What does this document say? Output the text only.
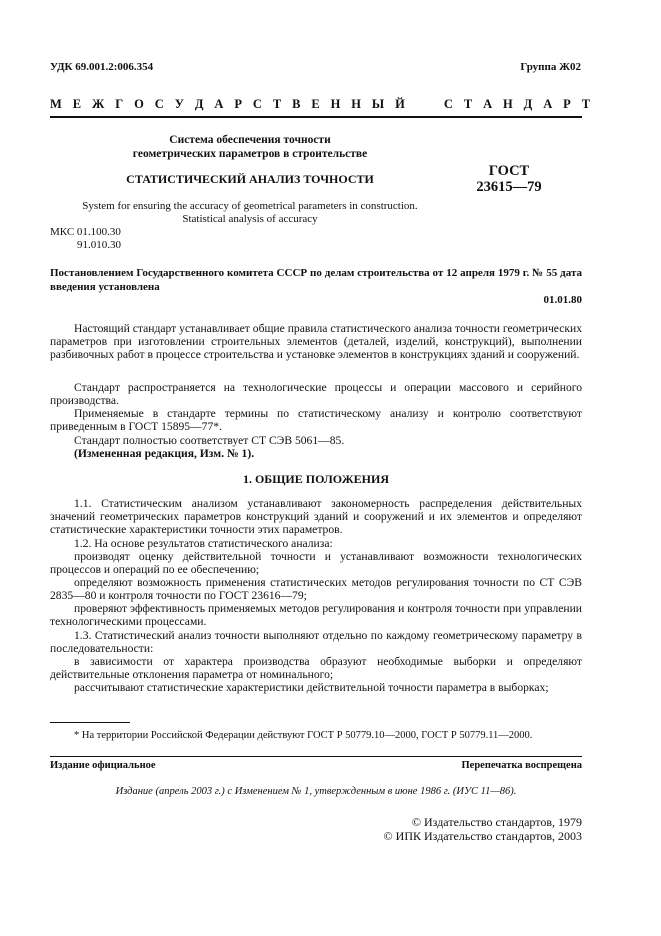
УДК 69.001.2:006.354	Группа Ж02
М Е Ж Г О С У Д А Р С Т В Е Н Н Ы Й     С Т А Н Д А Р Т
Система обеспечения точности
геометрических параметров в строительстве
СТАТИСТИЧЕСКИЙ АНАЛИЗ ТОЧНОСТИ	ГОСТ
23615—79
System for ensuring the accuracy of geometrical parameters in construction.
Statistical analysis of accuracy
МКС 01.100.30
91.010.30
Постановлением Государственного комитета СССР по делам строительства от 12 апреля 1979 г. № 55 дата введения установлена
01.01.80
Настоящий стандарт устанавливает общие правила статистического анализа точности геометрических параметров при изготовлении строительных элементов (деталей, изделий, конструкций), выполнении разбивочных работ в процессе строительства и установке элементов в конструкциях зданий и сооружений.
Стандарт распространяется на технологические процессы и операции массового и серийного производства.
Применяемые в стандарте термины по статистическому анализу и контролю соответствуют приведенным в ГОСТ 15895—77*.
Стандарт полностью соответствует СТ СЭВ 5061—85.
(Измененная редакция, Изм. № 1).
1. ОБЩИЕ ПОЛОЖЕНИЯ
1.1. Статистическим анализом устанавливают закономерность распределения действительных значений геометрических параметров конструкций зданий и сооружений и их элементов и определяют статистические характеристики точности этих параметров.
1.2. На основе результатов статистического анализа:
производят оценку действительной точности и устанавливают возможности технологических процессов и операций по ее обеспечению;
определяют возможность применения статистических методов регулирования точности по СТ СЭВ 2835—80 и контроля точности по ГОСТ 23616—79;
проверяют эффективность применяемых методов регулирования и контроля точности при управлении технологическими процессами.
1.3. Статистический анализ точности выполняют отдельно по каждому геометрическому параметру в последовательности:
в зависимости от характера производства образуют необходимые выборки и определяют действительные отклонения параметра от номинального;
рассчитывают статистические характеристики действительной точности параметра в выборках;
* На территории Российской Федерации действуют ГОСТ Р 50779.10—2000, ГОСТ Р 50779.11—2000.
Издание официальное	Перепечатка воспрещена
Издание (апрель 2003 г.) с Изменением № 1, утвержденным в июне 1986 г. (ИУС 11—86).
© Издательство стандартов, 1979
© ИПК Издательство стандартов, 2003
